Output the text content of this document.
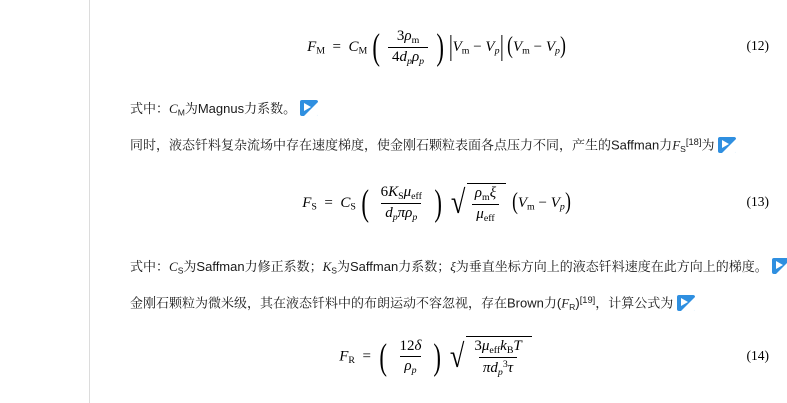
$F_M = C_M$ ( $\frac{3\rho_m}{4d_p\rho_p}$ ) $|V_m - V_p|$ $(V_m - V_p)$	(12)
式中：$C_M$为Magnus力系数。
同时，液态钎料复杂流场中存在速度梯度，使金刚石颗粒表面各点压力不同，产生的Saffman力$F_S[18]$为
$F_S = C_S$ ( $\frac{6K_S\mu_{eff}}{d_p\pi\rho_p}$ ) √ $\frac{\rho_m\xi}{\mu_{eff}} (V_m - V_p)$	(13)
式中：$C_S$为Saffman力修正系数；$K_S$为Saffman力系数；ξ为垂直坐标方向上的液态钎料速度在此方向上的梯度。
金刚石颗粒为微米级，其在液态钎料中的布朗运动不容忽视，存在Brown力$(F_R)[19]$，计算公式为
$F_R$  =  ( $\frac{12\delta}{\rho_p}$ ) √ $\frac{3\mu_{eff}k_BT}{\pi d_p^3\tau}$	(14)
